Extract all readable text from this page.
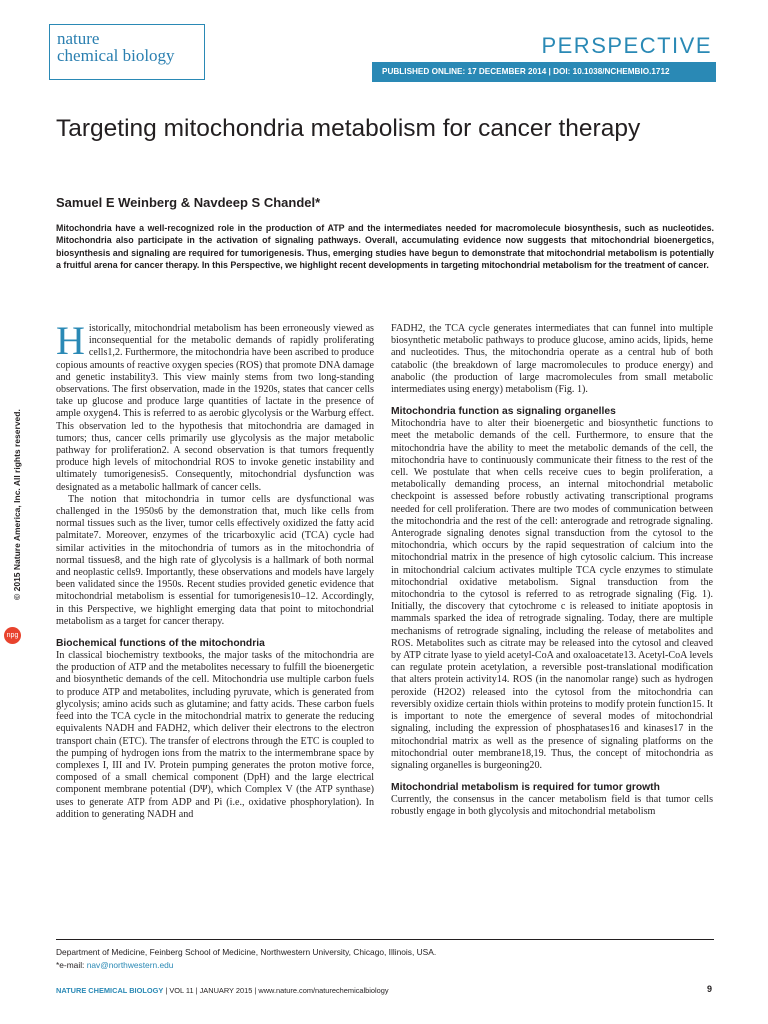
nature
chemical biology	PERSPECTIVE
PUBLISHED ONLINE: 17 DECEMBER 2014 | DOI: 10.1038/NCHEMBIO.1712
Targeting mitochondria metabolism for cancer therapy
Samuel E Weinberg & Navdeep S Chandel*
Mitochondria have a well-recognized role in the production of ATP and the intermediates needed for macromolecule biosynthesis, such as nucleotides. Mitochondria also participate in the activation of signaling pathways. Overall, accumulating evidence now suggests that mitochondrial bioenergetics, biosynthesis and signaling are required for tumorigenesis. Thus, emerging studies have begun to demonstrate that mitochondrial metabolism is potentially a fruitful arena for cancer therapy. In this Perspective, we highlight recent developments in targeting mitochondrial metabolism for the treatment of cancer.
© 2015 Nature America, Inc. All rights reserved.
npg

Historically, mitochondrial metabolism has been erroneously viewed as inconsequential for the metabolic demands of rapidly proliferating cells1,2. Furthermore, the mitochondria have been ascribed to produce copious amounts of reactive oxygen species (ROS) that promote DNA damage and genetic instability3. This view mainly stems from two long-standing observations. The first observation, made in the 1920s, states that cancer cells take up glucose and produce large quantities of lactate in the presence of ample oxygen4. This is referred to as aerobic glycolysis or the Warburg effect. This observation led to the hypothesis that mitochondria are damaged in tumors; thus, cancer cells primarily use glycolysis as the major metabolic pathway for proliferation2. A second observation is that tumors frequently produce high levels of mitochondrial ROS to invoke genetic instability and ultimately tumorigenesis5. Consequently, mitochondrial dysfunction was designated as a metabolic hallmark of cancer cells.

The notion that mitochondria in tumor cells are dysfunctional was challenged in the 1950s6 by the demonstration that, much like cells from normal tissues such as the liver, tumor cells effectively oxidized the fatty acid palmitate7. Moreover, enzymes of the tricarboxylic acid (TCA) cycle had similar activities in the mitochondria of tumors as in the mitochondria of normal tissues8, and the high rate of glycolysis is a hallmark of both normal and neoplastic cells9. Importantly, these observations and models have largely been validated since the 1950s. Recent studies provided genetic evidence that mitochondrial metabolism is essential for tumorigenesis10–12. Accordingly, in this Perspective, we highlight emerging data that point to mitochondrial metabolism as a target for cancer therapy.

Biochemical functions of the mitochondria

In classical biochemistry textbooks, the major tasks of the mitochondria are the production of ATP and the metabolites necessary to fulfill the bioenergetic and biosynthetic demands of the cell. Mitochondria use multiple carbon fuels to produce ATP and metabolites, including pyruvate, which is generated from glycolysis; amino acids such as glutamine; and fatty acids. These carbon fuels feed into the TCA cycle in the mitochondrial matrix to generate the reducing equivalents NADH and FADH2, which deliver their electrons to the electron transport chain (ETC). The transfer of electrons through the ETC is coupled to the pumping of hydrogen ions from the matrix to the intermembrane space by complexes I, III and IV. Protein pumping generates the proton motive force, composed of a small chemical component (DpH) and the large electrical component membrane potential (DΨ), which Complex V (the ATP synthase) uses to generate ATP from ADP and Pi (i.e., oxidative phosphorylation). In addition to generating NADH and

FADH2, the TCA cycle generates intermediates that can funnel into multiple biosynthetic metabolic pathways to produce glucose, amino acids, lipids, heme and nucleotides. Thus, the mitochondria operate as a central hub of both catabolic (the breakdown of large macromolecules to produce energy) and anabolic (the production of large macromolecules from small metabolic intermediates using energy) metabolism (Fig. 1).

Mitochondria function as signaling organelles

Mitochondria have to alter their bioenergetic and biosynthetic functions to meet the metabolic demands of the cell. Furthermore, to ensure that the mitochondria have the ability to meet the metabolic demands of the cell, the mitochondria have to continuously communicate their fitness to the rest of the cell. We postulate that when cells receive cues to begin proliferation, a metabolically demanding process, an internal mitochondrial metabolic checkpoint is assessed before robustly activating transcriptional programs needed for cell proliferation. There are two modes of communication between the mitochondria and the rest of the cell: anterograde and retrograde signaling. Anterograde signaling denotes signal transduction from the cytosol to the mitochondria, which occurs by the rapid sequestration of calcium into the mitochondrial matrix in the presence of high cytosolic calcium. This increase in mitochondrial calcium activates multiple TCA cycle enzymes to stimulate mitochondrial oxidative metabolism. Signal transduction from the mitochondria to the cytosol is referred to as retrograde signaling (Fig. 1). Initially, the discovery that cytochrome c is released to initiate apoptosis in mammals sparked the idea of retrograde signaling. Today, there are multiple mechanisms of retrograde signaling, including the release of metabolites and ROS. Metabolites such as citrate may be released into the cytosol and cleaved by ATP citrate lyase to yield acetyl-CoA and oxaloacetate13. Acetyl-CoA levels can regulate protein acetylation, a reversible post-translational modification that alters protein activity14. ROS (in the nanomolar range) such as hydrogen peroxide (H2O2) released into the cytosol from the mitochondria can reversibly oxidize certain thiols within proteins to modify protein function15. It is important to note the emergence of several modes of mitochondrial signaling, including the expression of phosphatases16 and kinases17 in the mitochondrial matrix as well as the presence of signaling platforms on the mitochondrial outer membrane18,19. Thus, the concept of mitochondria as signaling organelles is burgeoning20.

Mitochondrial metabolism is required for tumor growth

Currently, the consensus in the cancer metabolism field is that tumor cells robustly engage in both glycolysis and mitochondrial metabolism

Department of Medicine, Feinberg School of Medicine, Northwestern University, Chicago, Illinois, USA.
*e-mail: nav@northwestern.edu
NATURE CHEMICAL BIOLOGY | VOL 11 | JANUARY 2015 | www.nature.com/naturechemicalbiology	9
